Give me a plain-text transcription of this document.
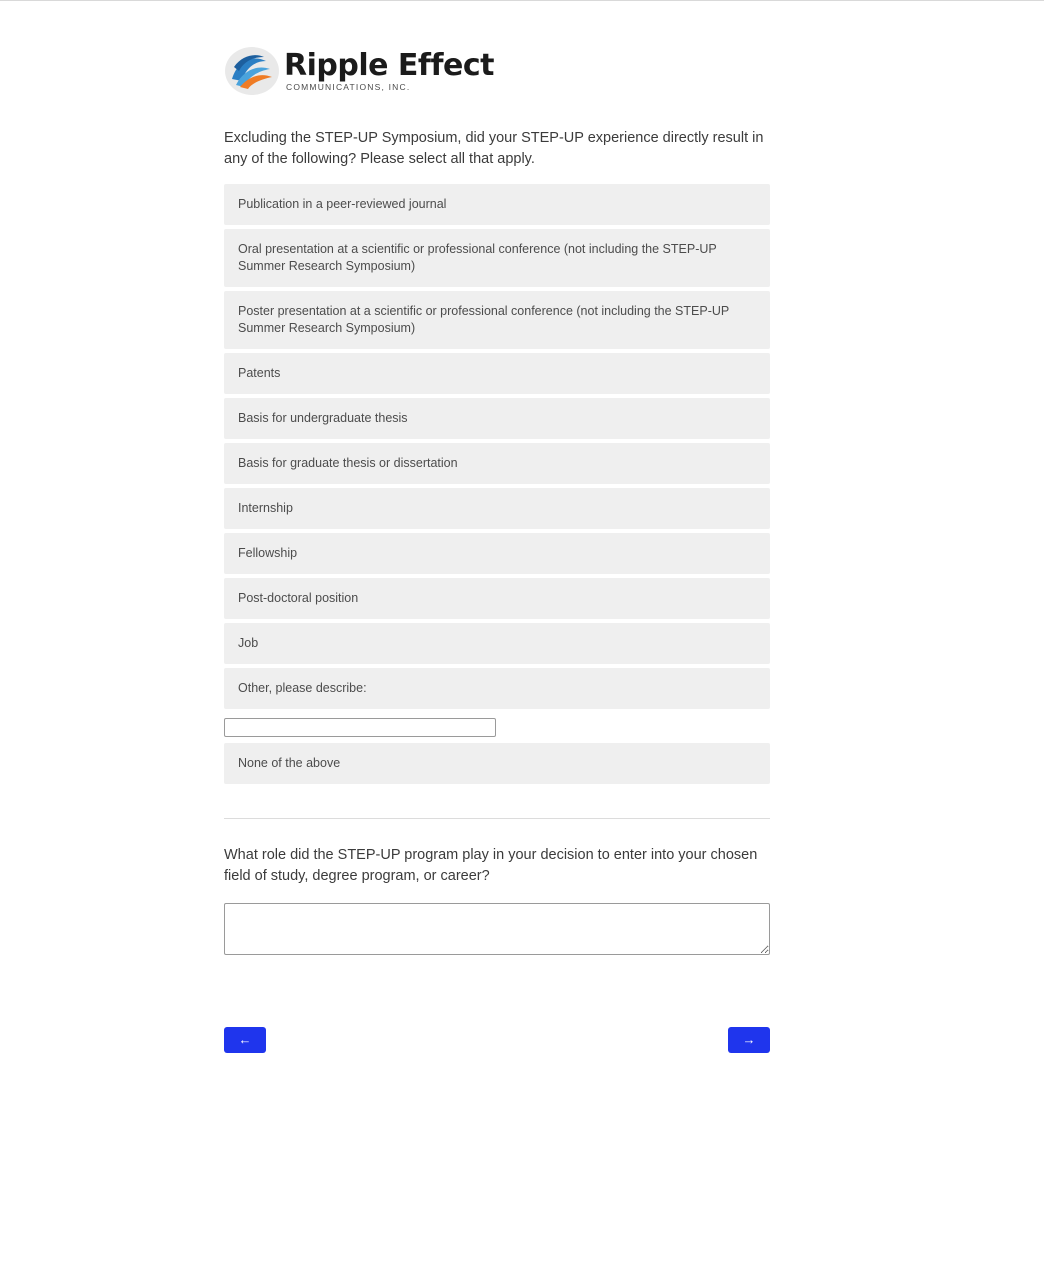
Ripple Effect
COMMUNICATIONS, INC.
Excluding the STEP-UP Symposium, did your STEP-UP experience directly result in any of the following? Please select all that apply.
Publication in a peer-reviewed journal
Oral presentation at a scientific or professional conference (not including the STEP-UP Summer Research Symposium)
Poster presentation at a scientific or professional conference (not including the STEP-UP Summer Research Symposium)
Patents
Basis for undergraduate thesis
Basis for graduate thesis or dissertation
Internship
Fellowship
Post-doctoral position
Job
Other, please describe:
None of the above
What role did the STEP-UP program play in your decision to enter into your chosen field of study, degree program, or career?
←	→
